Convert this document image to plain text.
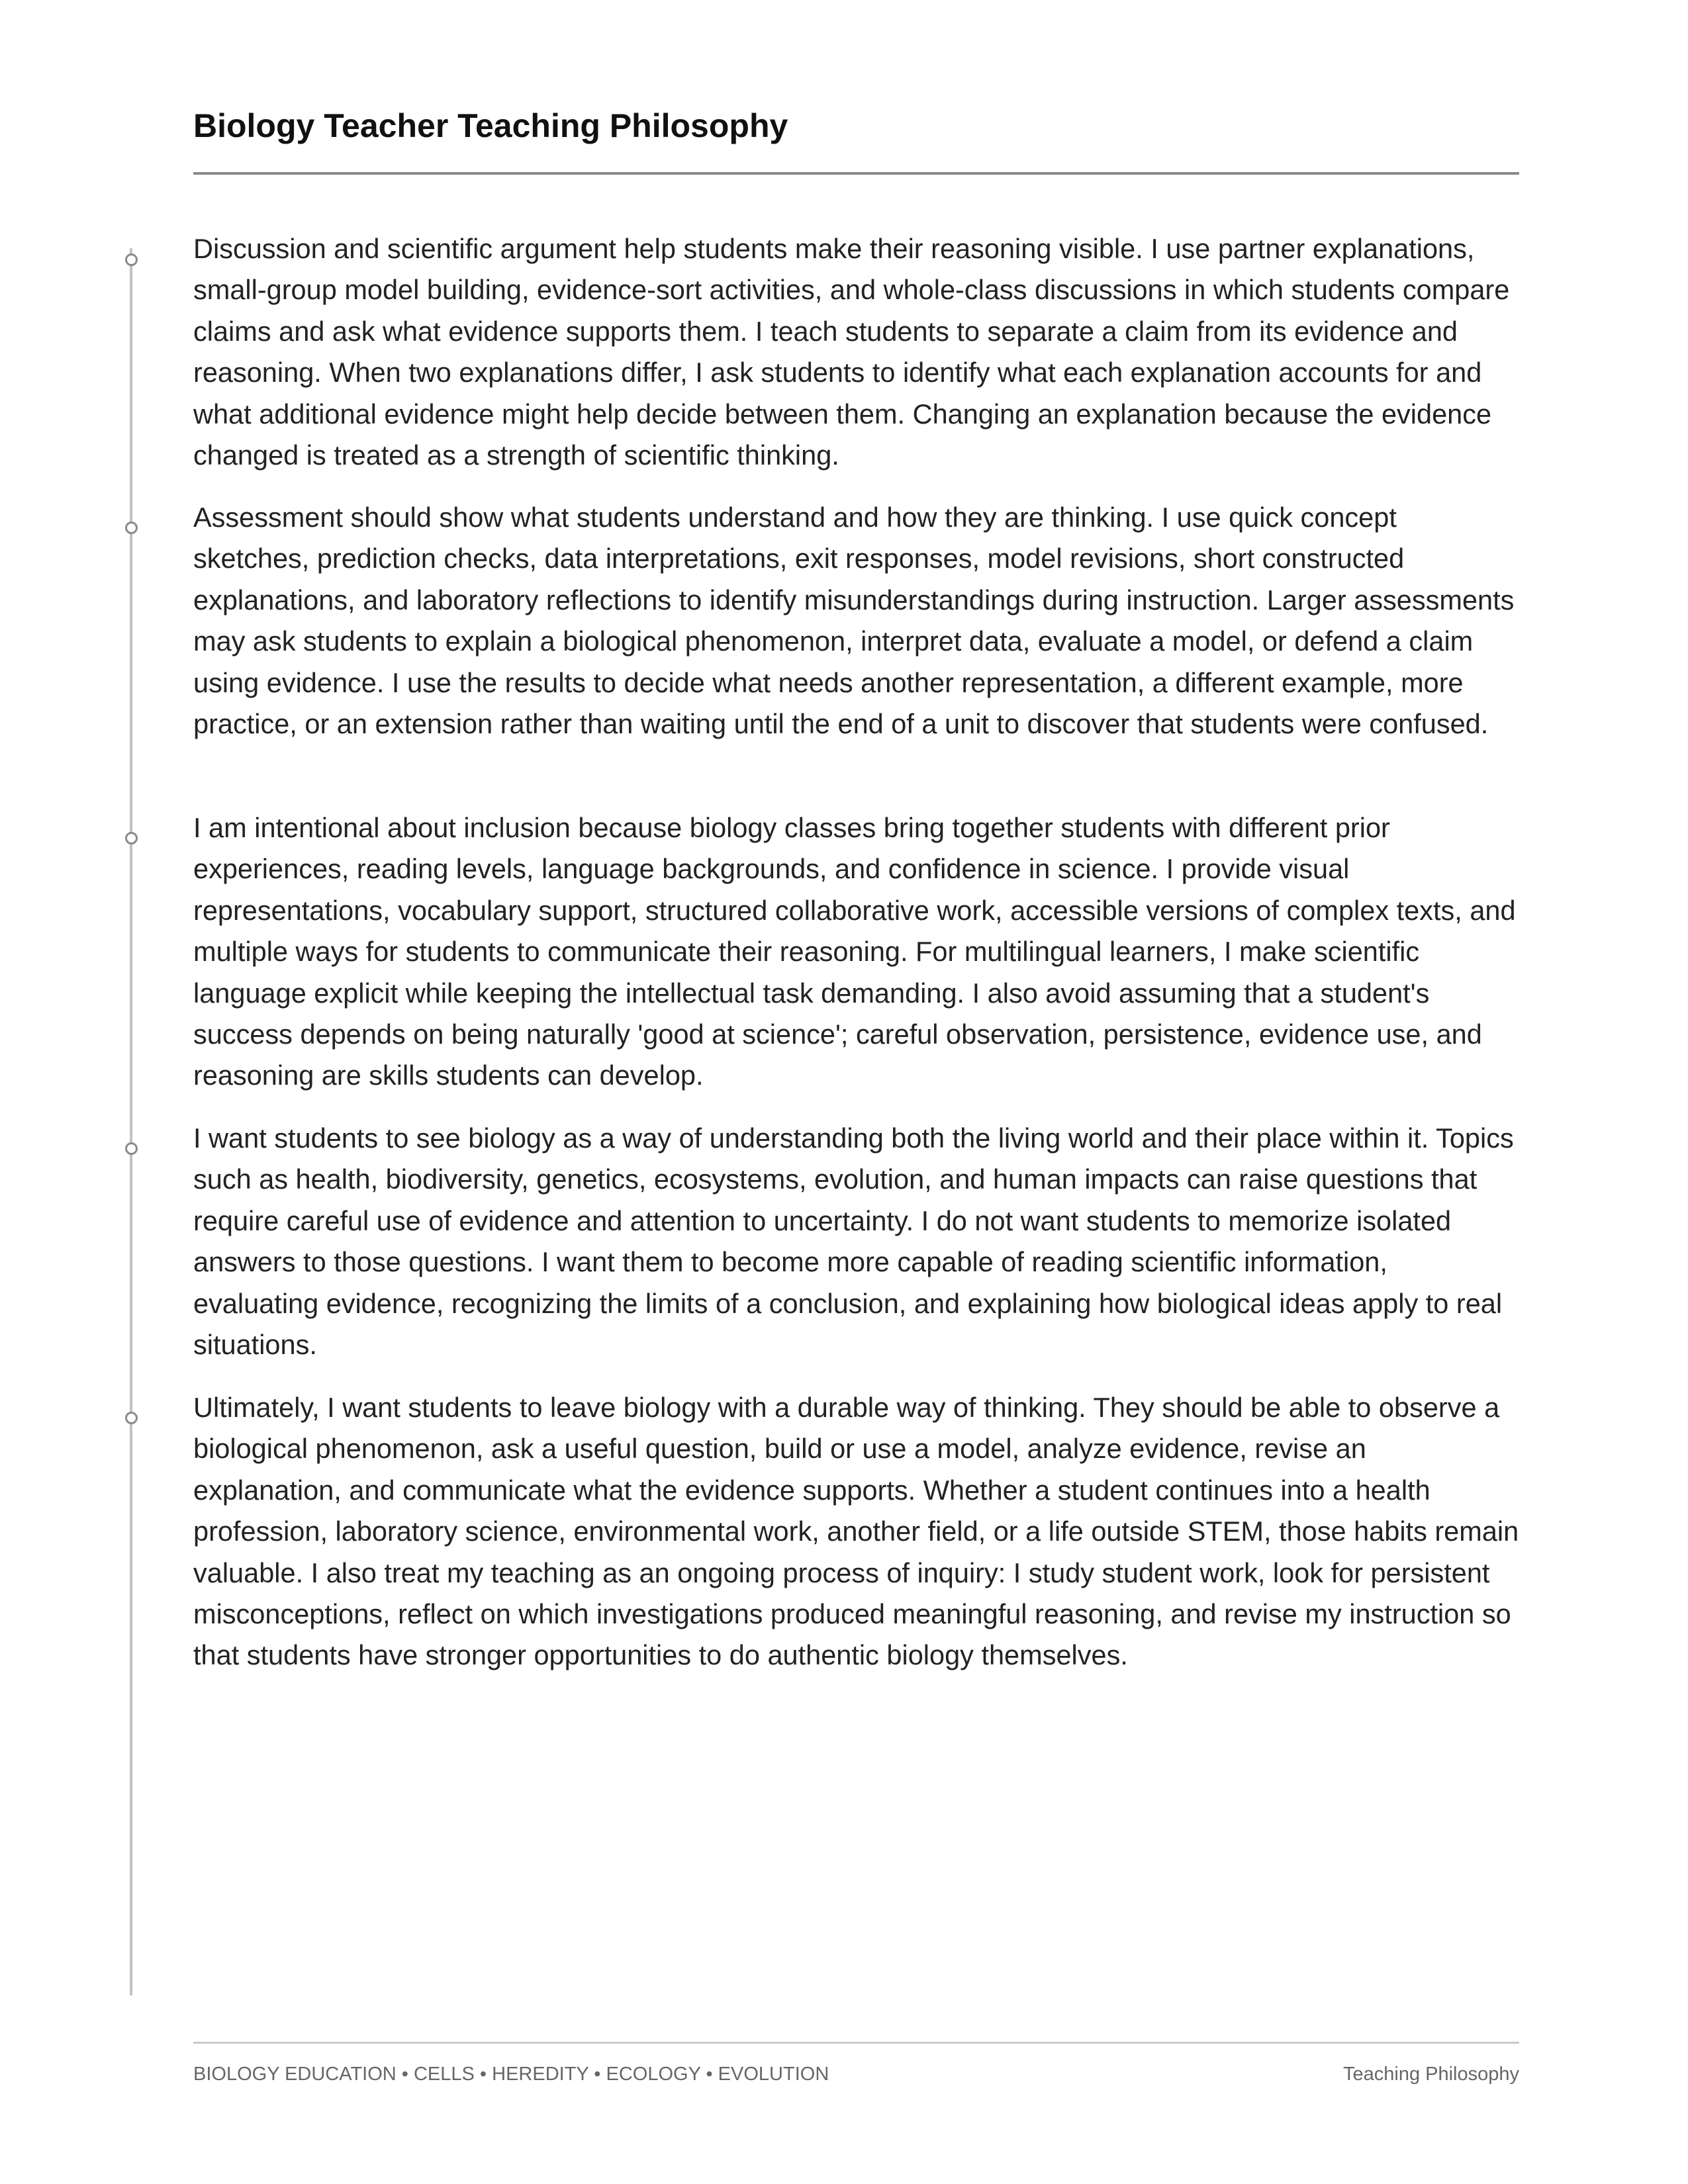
Biology Teacher Teaching Philosophy

Discussion and scientific argument help students make their reasoning visible. I use partner explanations, small-group model building, evidence-sort activities, and whole-class discussions in which students compare claims and ask what evidence supports them. I teach students to separate a claim from its evidence and reasoning. When two explanations differ, I ask students to identify what each explanation accounts for and what additional evidence might help decide between them. Changing an explanation because the evidence changed is treated as a strength of scientific thinking.

Assessment should show what students understand and how they are thinking. I use quick concept sketches, prediction checks, data interpretations, exit responses, model revisions, short constructed explanations, and laboratory reflections to identify misunderstandings during instruction. Larger assessments may ask students to explain a biological phenomenon, interpret data, evaluate a model, or defend a claim using evidence. I use the results to decide what needs another representation, a different example, more practice, or an extension rather than waiting until the end of a unit to discover that students were confused.

I am intentional about inclusion because biology classes bring together students with different prior experiences, reading levels, language backgrounds, and confidence in science. I provide visual representations, vocabulary support, structured collaborative work, accessible versions of complex texts, and multiple ways for students to communicate their reasoning. For multilingual learners, I make scientific language explicit while keeping the intellectual task demanding. I also avoid assuming that a student's success depends on being naturally 'good at science'; careful observation, persistence, evidence use, and reasoning are skills students can develop.

I want students to see biology as a way of understanding both the living world and their place within it. Topics such as health, biodiversity, genetics, ecosystems, evolution, and human impacts can raise questions that require careful use of evidence and attention to uncertainty. I do not want students to memorize isolated answers to those questions. I want them to become more capable of reading scientific information, evaluating evidence, recognizing the limits of a conclusion, and explaining how biological ideas apply to real situations.

Ultimately, I want students to leave biology with a durable way of thinking. They should be able to observe a biological phenomenon, ask a useful question, build or use a model, analyze evidence, revise an explanation, and communicate what the evidence supports. Whether a student continues into a health profession, laboratory science, environmental work, another field, or a life outside STEM, those habits remain valuable. I also treat my teaching as an ongoing process of inquiry: I study student work, look for persistent misconceptions, reflect on which investigations produced meaningful reasoning, and revise my instruction so that students have stronger opportunities to do authentic biology themselves.

BIOLOGY EDUCATION • CELLS • HEREDITY • ECOLOGY • EVOLUTION	Teaching Philosophy
